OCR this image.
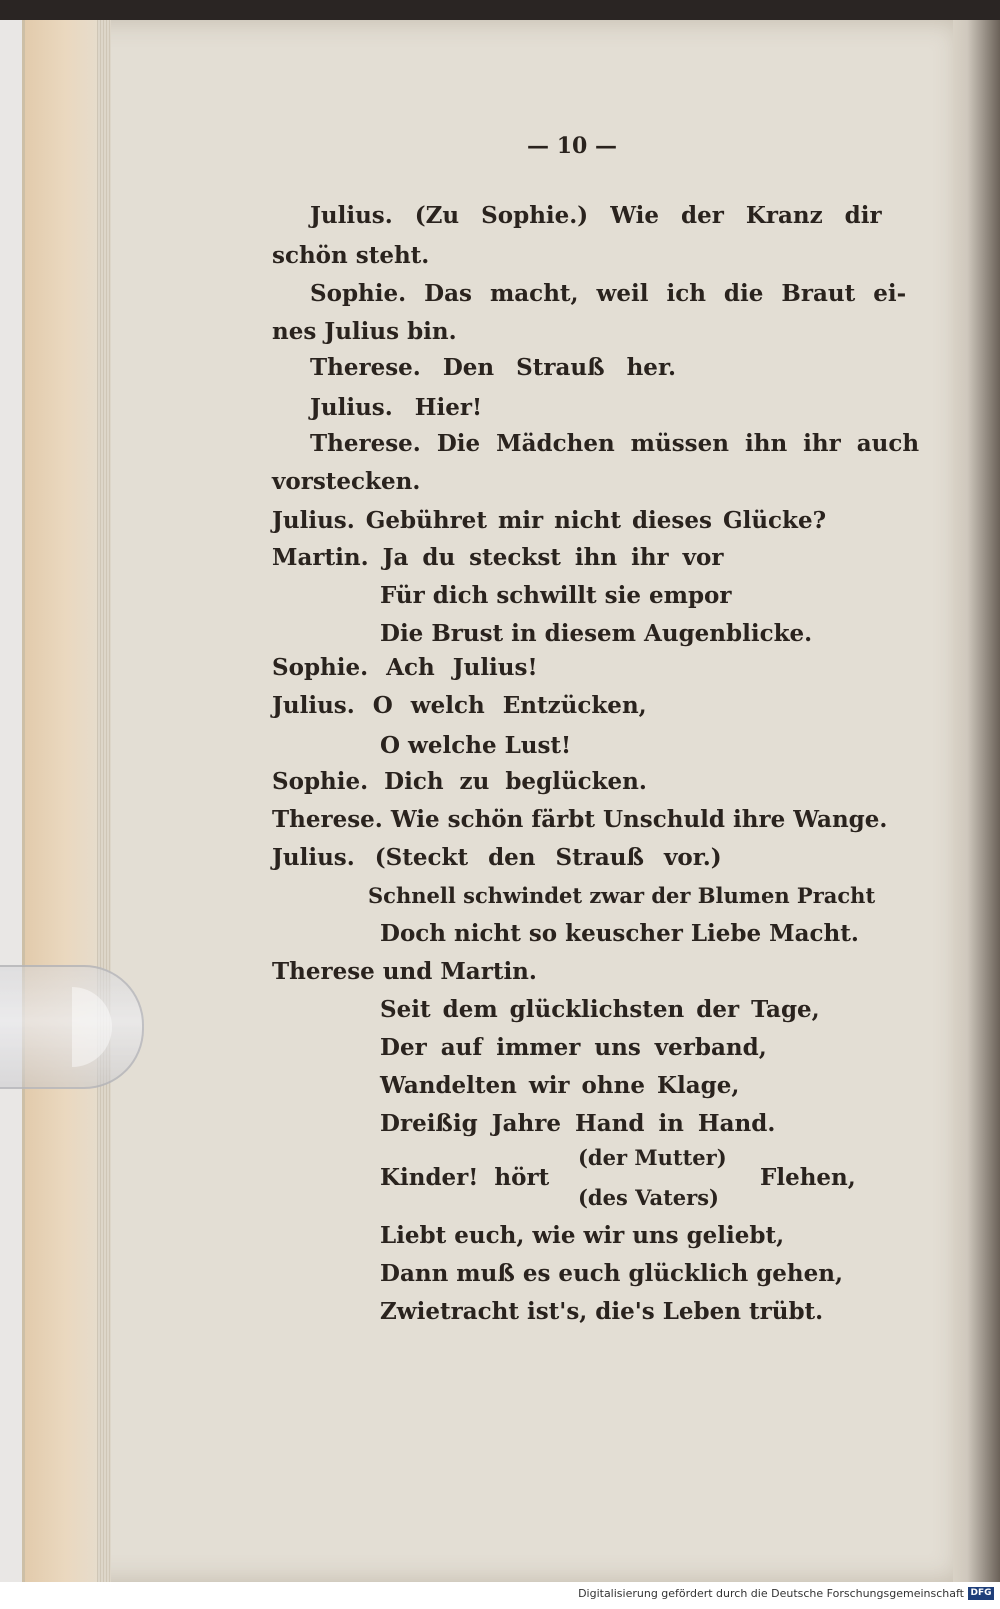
— 10 —

Julius. (Zu Sophie.) Wie der Kranz dir

schön steht.

Sophie. Das macht, weil ich die Braut ei-

nes Julius bin.

Therese. Den Strauß her.

Julius. Hier!

Therese. Die Mädchen müssen ihn ihr auch

vorstecken.

Julius. Gebühret mir nicht dieses Glücke?

Martin. Ja du steckst ihn ihr vor

Für dich schwillt sie empor

Die Brust in diesem Augenblicke.

Sophie. Ach Julius!

Julius. O welch Entzücken,

O welche Lust!

Sophie. Dich zu beglücken.

Therese. Wie schön färbt Unschuld ihre Wange.

Julius. (Steckt den Strauß vor.)

Schnell schwindet zwar der Blumen Pracht

Doch nicht so keuscher Liebe Macht.

Therese und Martin.

Seit dem glücklichsten der Tage,

Der auf immer uns verband,

Wandelten wir ohne Klage,

Dreißig Jahre Hand in Hand.

Kinder! hört

(der Mutter)

(des Vaters)

Flehen,

Liebt euch, wie wir uns geliebt,

Dann muß es euch glücklich gehen,

Zwietracht ist's, die's Leben trübt.

Digitalisierung gefördert durch die Deutsche Forschungsgemeinschaft DFG
